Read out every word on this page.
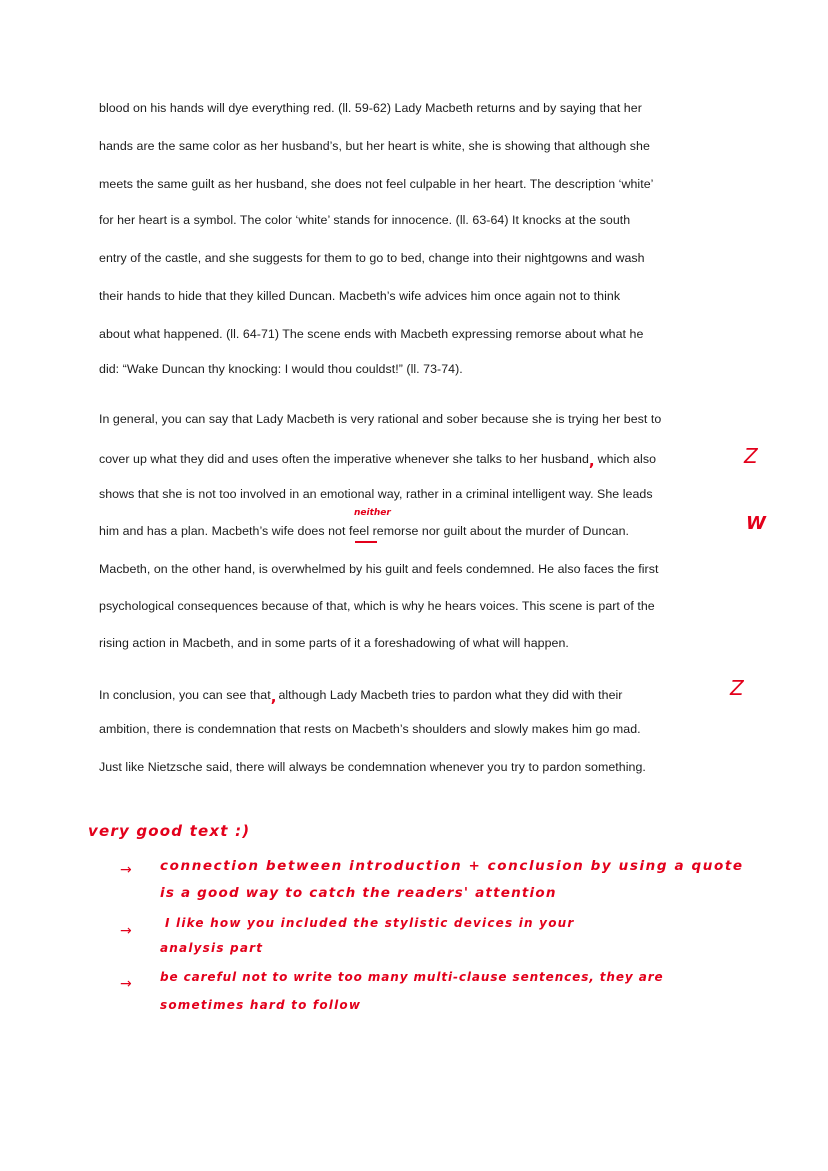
blood on his hands will dye everything red. (ll. 59-62) Lady Macbeth returns and by saying that her
hands are the same color as her husband’s, but her heart is white, she is showing that although she
meets the same guilt as her husband, she does not feel culpable in her heart. The description ‘white’
for her heart is a symbol. The color ‘white’ stands for innocence. (ll. 63-64) It knocks at the south
entry of the castle, and she suggests for them to go to bed, change into their nightgowns and wash
their hands to hide that they killed Duncan. Macbeth’s wife advices him once again not to think
about what happened. (ll. 64-71) The scene ends with Macbeth expressing remorse about what he
did: “Wake Duncan thy knocking: I would thou couldst!” (ll. 73-74).
In general, you can say that Lady Macbeth is very rational and sober because she is trying her best to
cover up what they did and uses often the imperative whenever she talks to her husband, which also	Z
shows that she is not too involved in an emotional way, rather in a criminal intelligent way. She leads
neither
him and has a plan. Macbeth’s wife does not feel remorse nor guilt about the murder of Duncan.	W
Macbeth, on the other hand, is overwhelmed by his guilt and feels condemned. He also faces the first
psychological consequences because of that, which is why he hears voices. This scene is part of the
rising action in Macbeth, and in some parts of it a foreshadowing of what will happen.
In conclusion, you can see that, although Lady Macbeth tries to pardon what they did with their	Z
ambition, there is condemnation that rests on Macbeth’s shoulders and slowly makes him go mad.
Just like Nietzsche said, there will always be condemnation whenever you try to pardon something.
very good text :)
→ connection between introduction + conclusion by using a quote
is a good way to catch the readers' attention
→	I like how you included the stylistic devices in your
analysis part
→ be careful not to write too many multi-clause sentences, they are
sometimes hard to follow
